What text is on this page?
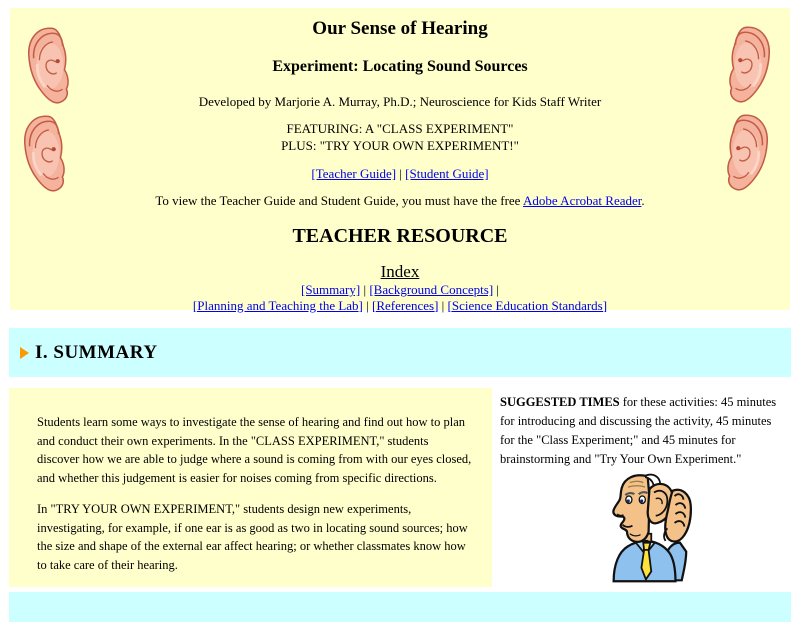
Our Sense of Hearing
Experiment: Locating Sound Sources
Developed by Marjorie A. Murray, Ph.D.; Neuroscience for Kids Staff Writer
FEATURING: A "CLASS EXPERIMENT"
PLUS: "TRY YOUR OWN EXPERIMENT!"
[Teacher Guide] | [Student Guide]
To view the Teacher Guide and Student Guide, you must have the free Adobe Acrobat Reader.
TEACHER RESOURCE
Index
[Summary] | [Background Concepts] |
[Planning and Teaching the Lab] | [References] | [Science Education Standards]
I. SUMMARY

Students learn some ways to investigate the sense of hearing and find out how to plan and conduct their own experiments. In the "CLASS EXPERIMENT," students discover how we are able to judge where a sound is coming from with our eyes closed, and whether this judgement is easier for noises coming from specific directions.

In "TRY YOUR OWN EXPERIMENT," students design new experiments, investigating, for example, if one ear is as good as two in locating sound sources; how the size and shape of the external ear affect hearing; or whether classmates know how to take care of their hearing.

SUGGESTED TIMES for these activities: 45 minutes for introducing and discussing the activity, 45 minutes for the "Class Experiment;" and 45 minutes for brainstorming and "Try Your Own Experiment."
